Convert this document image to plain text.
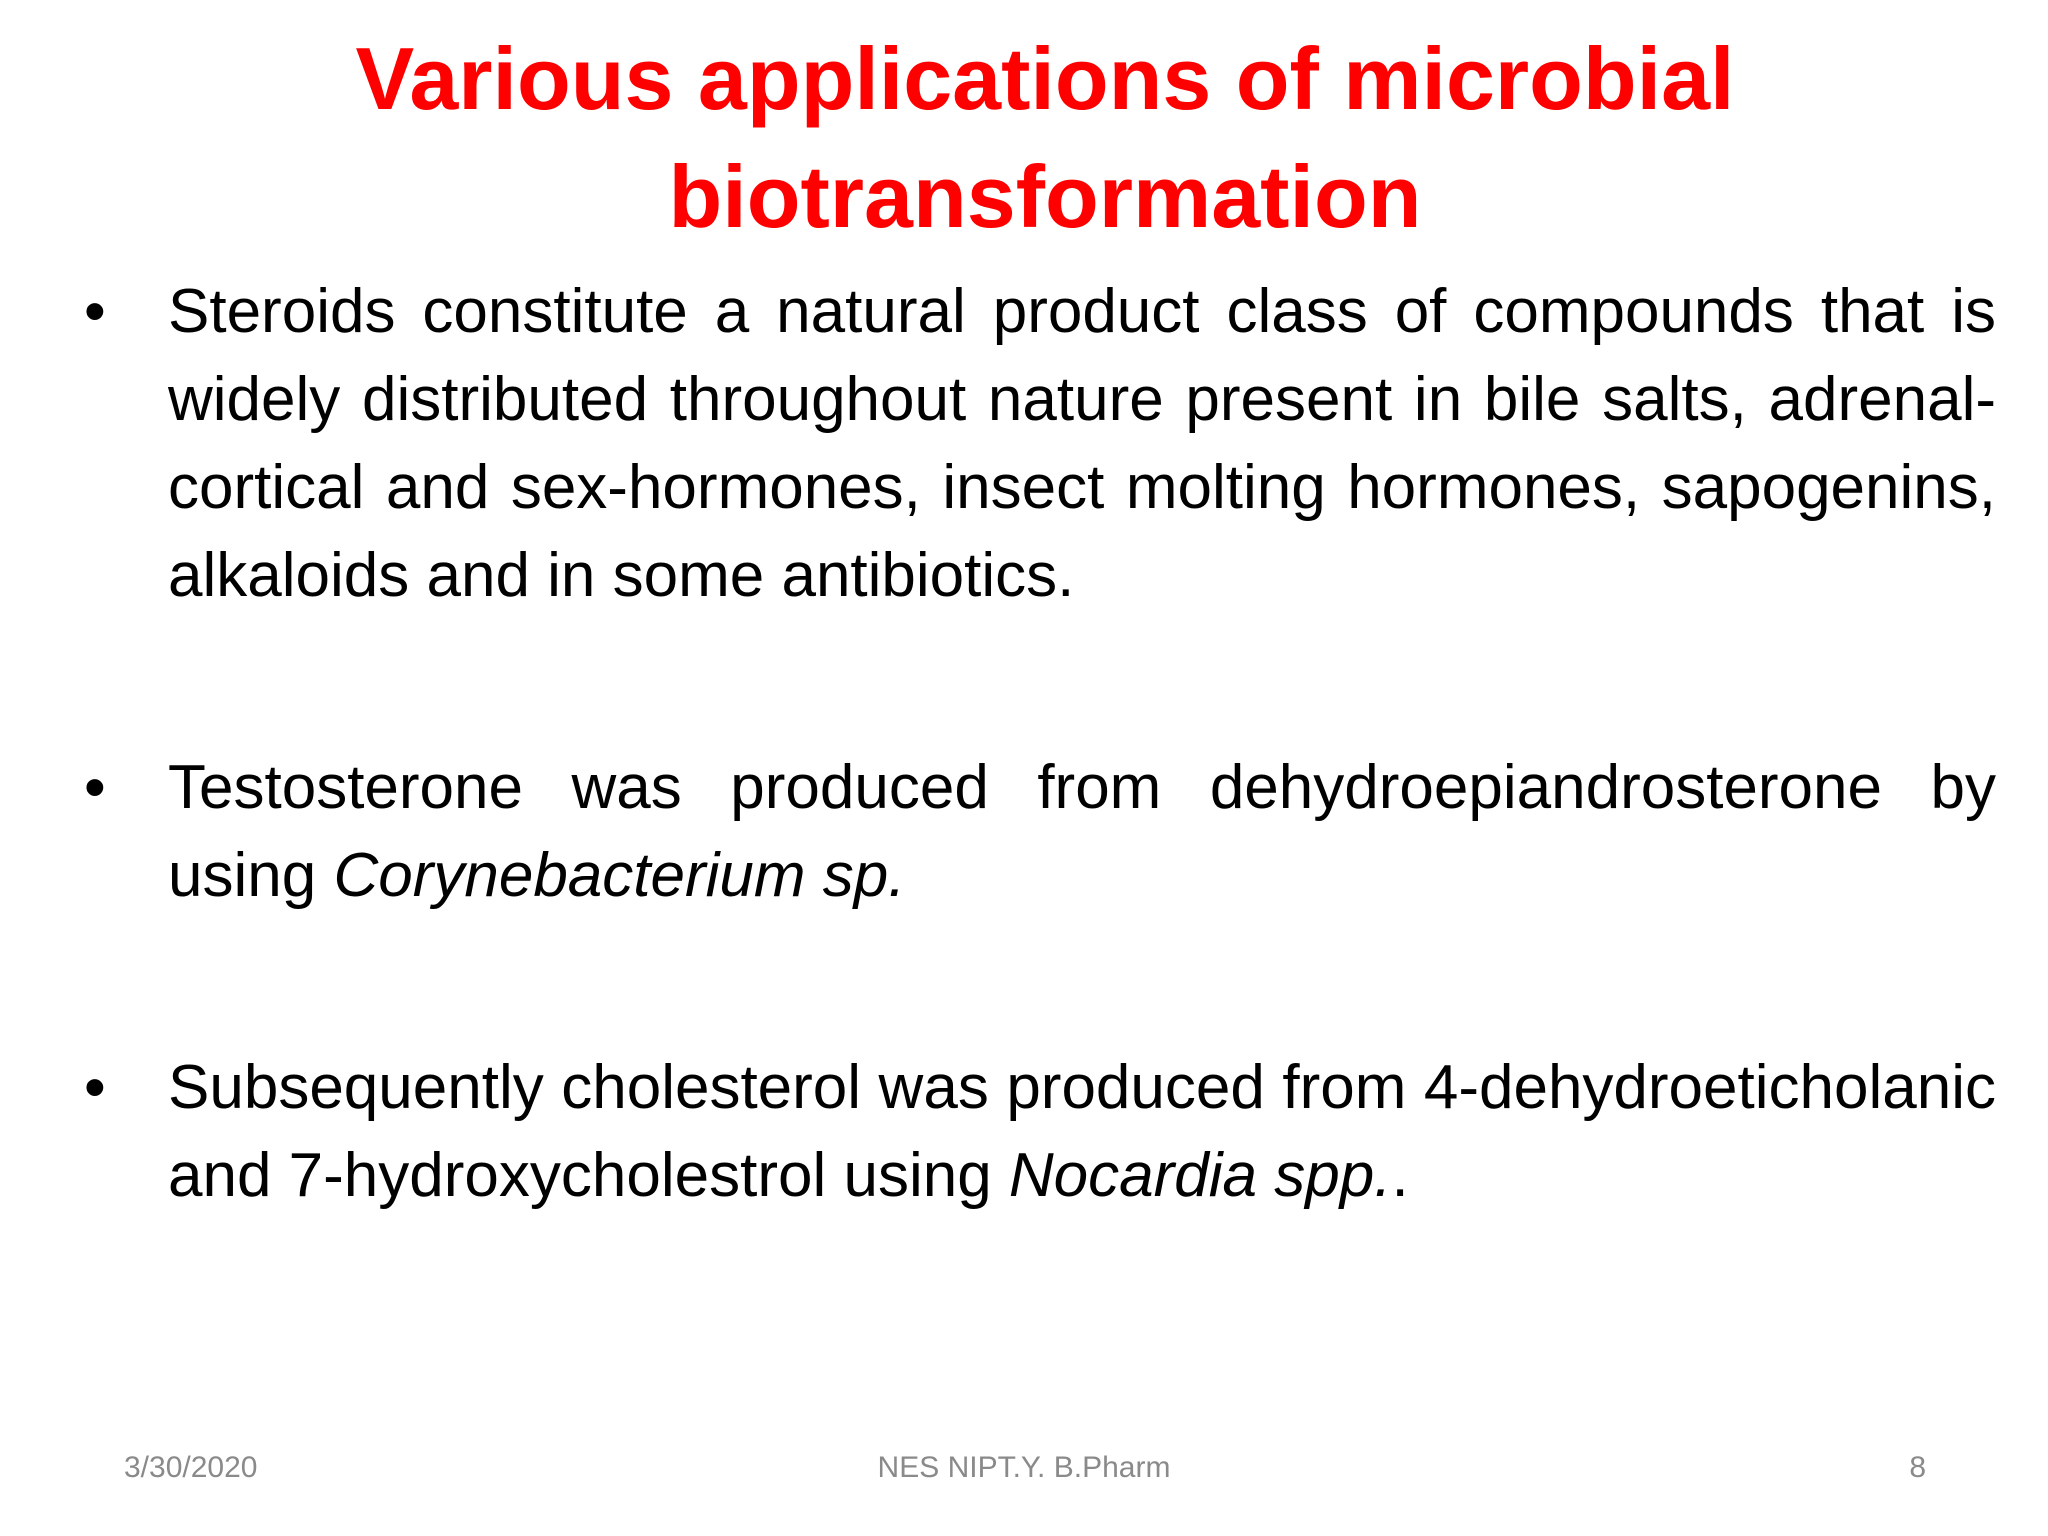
Various applications of microbial biotransformation
• Steroids constitute a natural product class of compounds that is widely distributed throughout nature present in bile salts, adrenal-cortical and sex-hormones, insect molting hormones, sapogenins, alkaloids and in some antibiotics.
• Testosterone was produced from dehydroepiandrosterone by using Corynebacterium sp.
• Subsequently cholesterol was produced from 4-dehydroeticholanic and 7-hydroxycholestrol using Nocardia spp..
3/30/2020	NES NIPT.Y. B.Pharm	8
